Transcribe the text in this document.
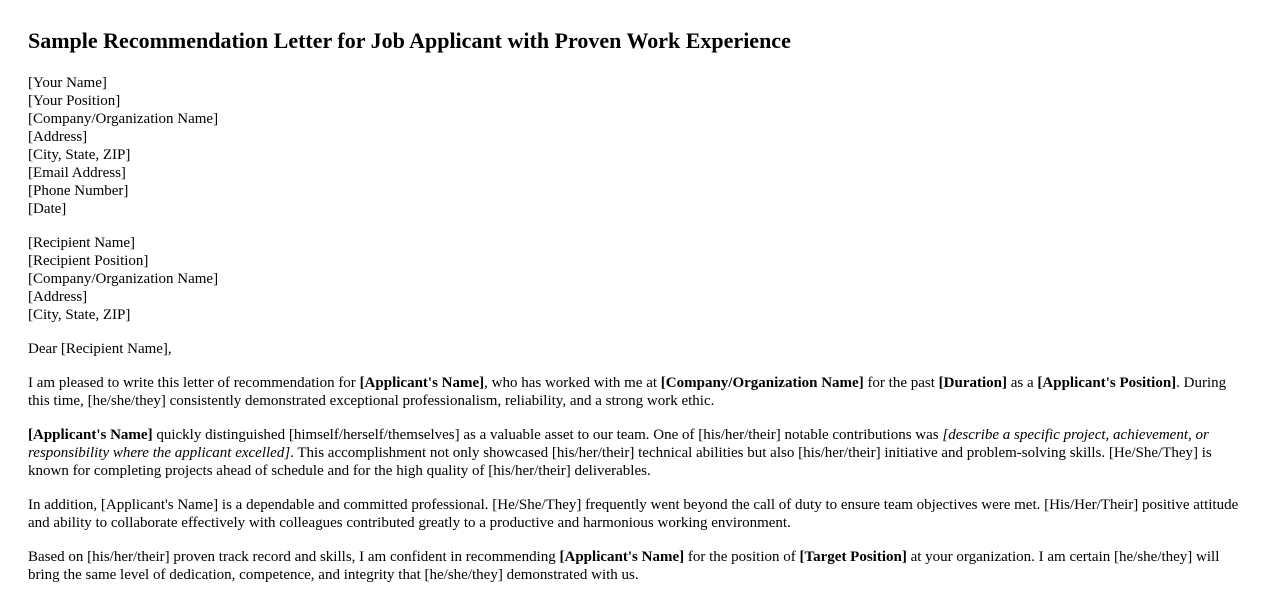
Sample Recommendation Letter for Job Applicant with Proven Work Experience
[Your Name]
[Your Position]
[Company/Organization Name]
[Address]
[City, State, ZIP]
[Email Address]
[Phone Number]
[Date]
[Recipient Name]
[Recipient Position]
[Company/Organization Name]
[Address]
[City, State, ZIP]

Dear [Recipient Name],

I am pleased to write this letter of recommendation for [Applicant's Name], who has worked with me at [Company/Organization Name] for the past [Duration] as a [Applicant's Position]. During this time, [he/she/they] consistently demonstrated exceptional professionalism, reliability, and a strong work ethic.

[Applicant's Name] quickly distinguished [himself/herself/themselves] as a valuable asset to our team. One of [his/her/their] notable contributions was [describe a specific project, achievement, or responsibility where the applicant excelled]. This accomplishment not only showcased [his/her/their] technical abilities but also [his/her/their] initiative and problem-solving skills. [He/She/They] is known for completing projects ahead of schedule and for the high quality of [his/her/their] deliverables.

In addition, [Applicant's Name] is a dependable and committed professional. [He/She/They] frequently went beyond the call of duty to ensure team objectives were met. [His/Her/Their] positive attitude and ability to collaborate effectively with colleagues contributed greatly to a productive and harmonious working environment.

Based on [his/her/their] proven track record and skills, I am confident in recommending [Applicant's Name] for the position of [Target Position] at your organization. I am certain [he/she/they] will bring the same level of dedication, competence, and integrity that [he/she/they] demonstrated with us.
